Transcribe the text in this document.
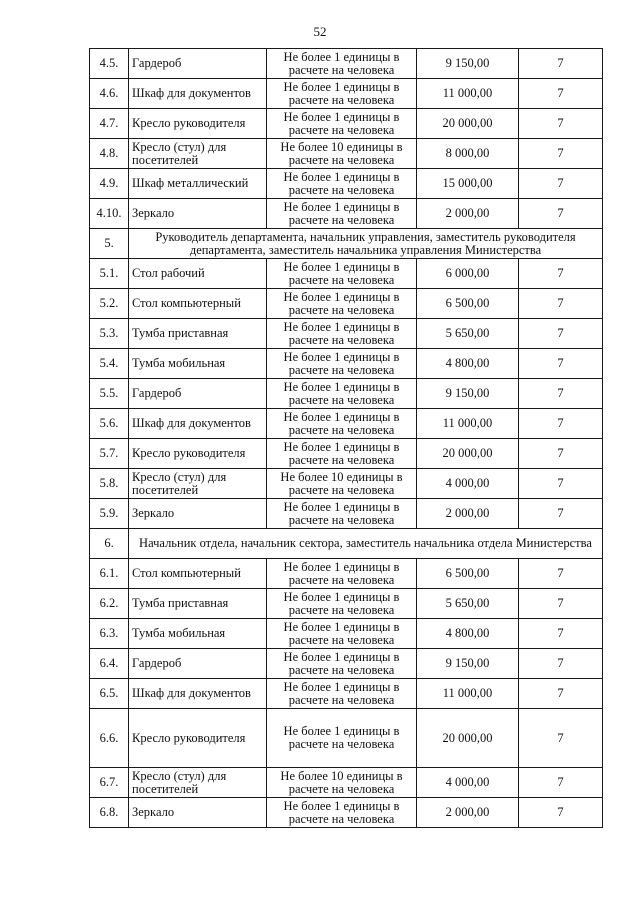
52
4.5.	Гардероб	Не более 1 единицы в расчете на человека	9 150,00	7
4.6.	Шкаф для документов	Не более 1 единицы в расчете на человека	11 000,00	7
4.7.	Кресло руководителя	Не более 1 единицы в расчете на человека	20 000,00	7
4.8.	Кресло (стул) для посетителей	Не более 10 единицы в расчете на человека	8 000,00	7
4.9.	Шкаф металлический	Не более 1 единицы в расчете на человека	15 000,00	7
4.10.	Зеркало	Не более 1 единицы в расчете на человека	2 000,00	7
5.	Руководитель департамента, начальник управления, заместитель руководителя департамента, заместитель начальника управления Министерства			
5.1.	Стол рабочий	Не более 1 единицы в расчете на человека	6 000,00	7
5.2.	Стол компьютерный	Не более 1 единицы в расчете на человека	6 500,00	7
5.3.	Тумба приставная	Не более 1 единицы в расчете на человека	5 650,00	7
5.4.	Тумба мобильная	Не более 1 единицы в расчете на человека	4 800,00	7
5.5.	Гардероб	Не более 1 единицы в расчете на человека	9 150,00	7
5.6.	Шкаф для документов	Не более 1 единицы в расчете на человека	11 000,00	7
5.7.	Кресло руководителя	Не более 1 единицы в расчете на человека	20 000,00	7
5.8.	Кресло (стул) для посетителей	Не более 10 единицы в расчете на человека	4 000,00	7
5.9.	Зеркало	Не более 1 единицы в расчете на человека	2 000,00	7
6.	Начальник отдела, начальник сектора, заместитель начальника отдела Министерства			
6.1.	Стол компьютерный	Не более 1 единицы в расчете на человека	6 500,00	7
6.2.	Тумба приставная	Не более 1 единицы в расчете на человека	5 650,00	7
6.3.	Тумба мобильная	Не более 1 единицы в расчете на человека	4 800,00	7
6.4.	Гардероб	Не более 1 единицы в расчете на человека	9 150,00	7
6.5.	Шкаф для документов	Не более 1 единицы в расчете на человека	11 000,00	7
6.6.	Кресло руководителя	Не более 1 единицы в расчете на человека	20 000,00	7
6.7.	Кресло (стул) для посетителей	Не более 10 единицы в расчете на человека	4 000,00	7
6.8.	Зеркало	Не более 1 единицы в расчете на человека	2 000,00	7
